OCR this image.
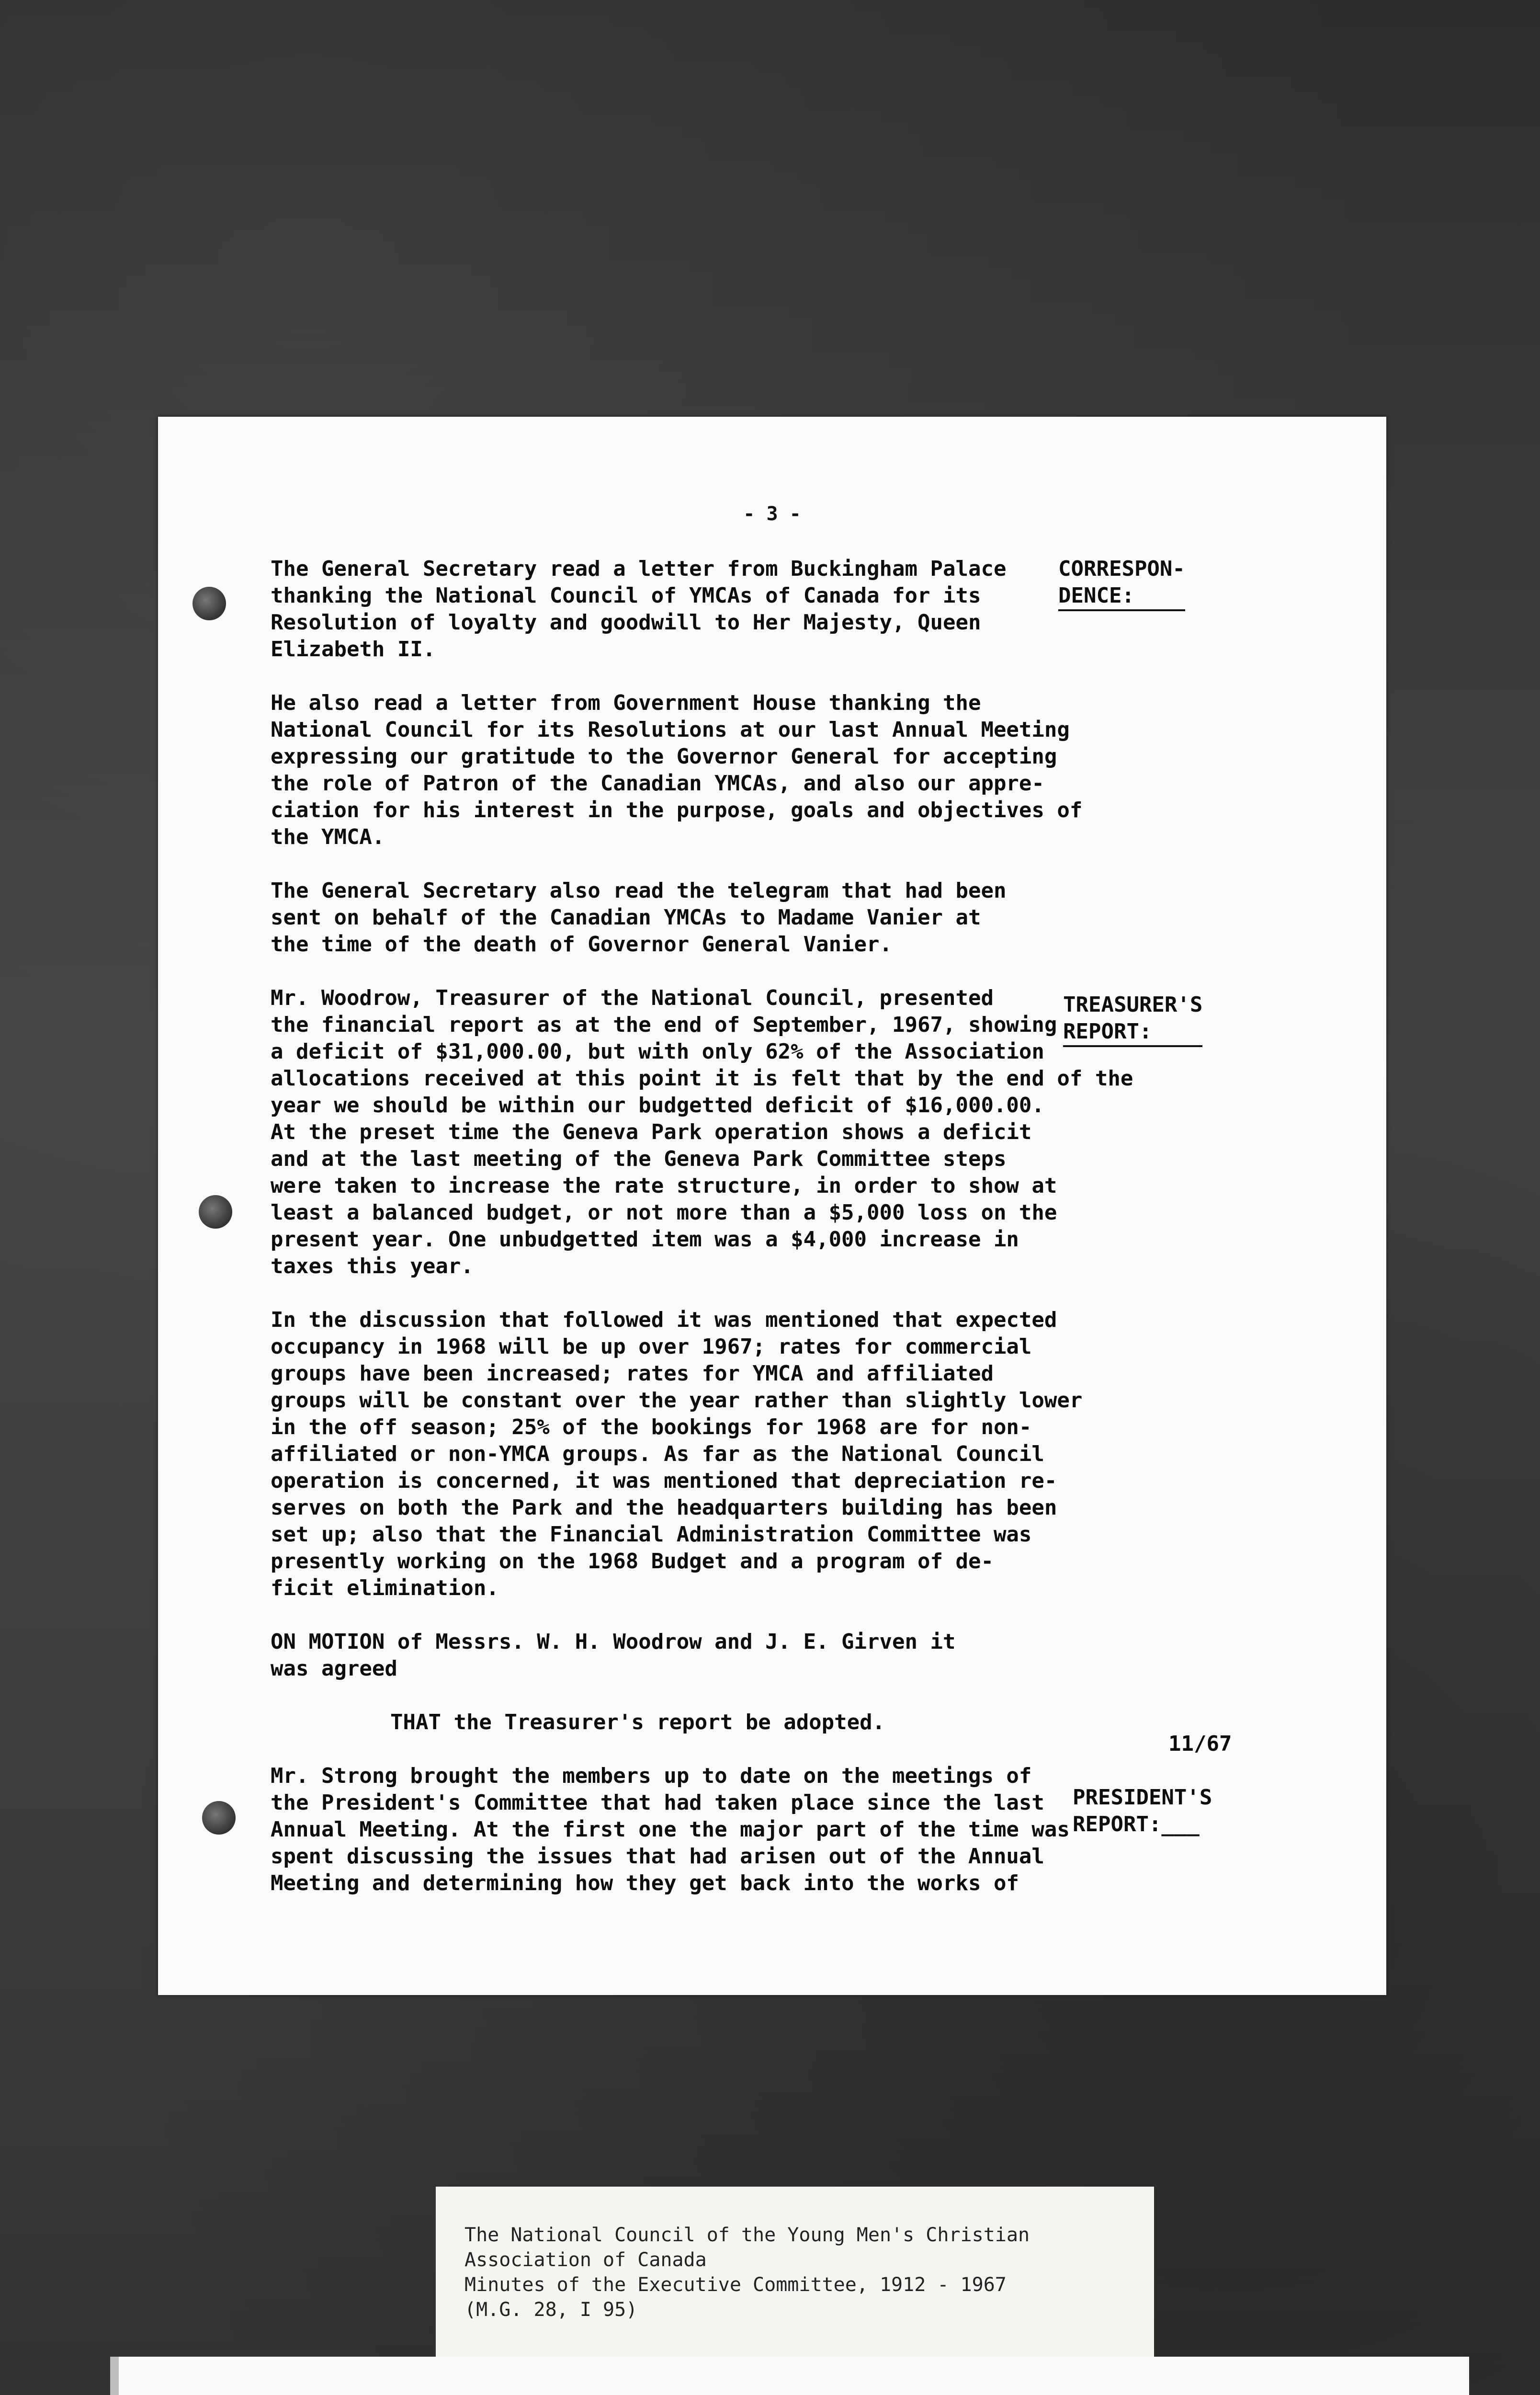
- 3 -
CORRESPON-
DENCE:
TREASURER'S
REPORT:
PRESIDENT'S
REPORT:___
11/67

The General Secretary read a letter from Buckingham Palace
thanking the National Council of YMCAs of Canada for its
Resolution of loyalty and goodwill to Her Majesty, Queen
Elizabeth II.

He also read a letter from Government House thanking the
National Council for its Resolutions at our last Annual Meeting
expressing our gratitude to the Governor General for accepting
the role of Patron of the Canadian YMCAs, and also our appre-
ciation for his interest in the purpose, goals and objectives of
the YMCA.

The General Secretary also read the telegram that had been
sent on behalf of the Canadian YMCAs to Madame Vanier at
the time of the death of Governor General Vanier.

Mr. Woodrow, Treasurer of the National Council, presented
the financial report as at the end of September, 1967, showing
a deficit of $31,000.00, but with only 62% of the Association
allocations received at this point it is felt that by the end of the
year we should be within our budgetted deficit of $16,000.00.
At the preset time the Geneva Park operation shows a deficit
and at the last meeting of the Geneva Park Committee steps
were taken to increase the rate structure, in order to show at
least a balanced budget, or not more than a $5,000 loss on the
present year. One unbudgetted item was a $4,000 increase in
taxes this year.

In the discussion that followed it was mentioned that expected
occupancy in 1968 will be up over 1967; rates for commercial
groups have been increased; rates for YMCA and affiliated
groups will be constant over the year rather than slightly lower
in the off season; 25% of the bookings for 1968 are for non-
affiliated or non-YMCA groups. As far as the National Council
operation is concerned, it was mentioned that depreciation re-
serves on both the Park and the headquarters building has been
set up; also that the Financial Administration Committee was
presently working on the 1968 Budget and a program of de-
ficit elimination.

ON MOTION of Messrs. W. H. Woodrow and J. E. Girven it
was agreed

THAT the Treasurer's report be adopted.

Mr. Strong brought the members up to date on the meetings of
the President's Committee that had taken place since the last
Annual Meeting. At the first one the major part of the time was
spent discussing the issues that had arisen out of the Annual
Meeting and determining how they get back into the works of

The National Council of the Young Men's Christian
Association of Canada
Minutes of the Executive Committee, 1912 - 1967
(M.G. 28, I 95)
